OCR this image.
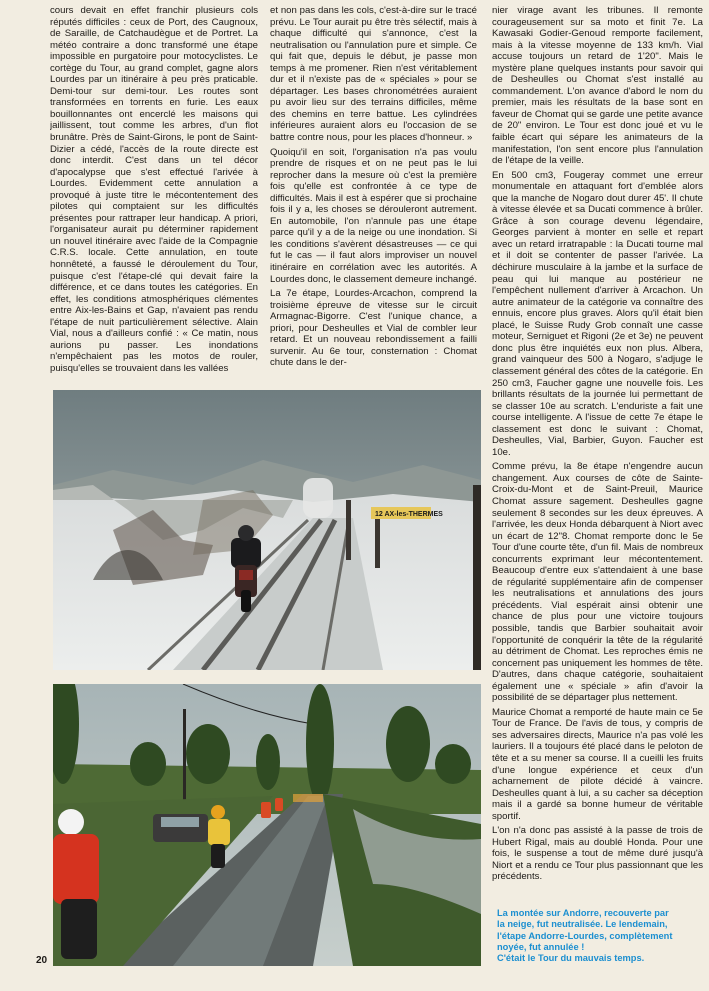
cours devait en effet franchir plusieurs cols réputés difficiles : ceux de Port, des Caugnoux, de Saraille, de Catchaudègue et de Portret. La météo contraire a donc transformé une étape impossible en purgatoire pour motocyclistes. Le cortège du Tour, au grand complet, gagne alors Lourdes par un itinéraire à peu près praticable. Demi-tour sur demi-tour. Les routes sont transformées en torrents en furie. Les eaux bouillonnantes ont encerclé les maisons qui jaillissent, tout comme les arbres, d'un flot brunâtre. Près de Saint-Girons, le pont de Saint-Dizier a cédé, l'accès de la route directe est donc interdit. C'est dans un tel décor d'apocalypse que s'est effectué l'arivée à Lourdes. Evidemment cette annulation a provoqué à juste titre le mécontentement des pilotes qui comptaient sur les difficultés présentes pour rattraper leur handicap. A priori, l'organisateur aurait pu déterminer rapidement un nouvel itinéraire avec l'aide de la Compagnie C.R.S. locale. Cette annulation, en toute honnêteté, a faussé le déroulement du Tour, puisque c'est l'étape-clé qui devait faire la différence, et ce dans toutes les catégories. En effet, les conditions atmosphériques clémentes entre Aix-les-Bains et Gap, n'avaient pas rendu l'étape de nuit particulièrement sélective. Alain Vial, nous a d'ailleurs confié : « Ce matin, nous aurions pu passer. Les inondations n'empêchaient pas les motos de rouler, puisqu'elles se trouvaient dans les vallées

et non pas dans les cols, c'est-à-dire sur le tracé prévu. Le Tour aurait pu être très sélectif, mais à chaque difficulté qui s'annonce, c'est la neutralisation ou l'annulation pure et simple. Ce qui fait que, depuis le début, je passe mon temps à me promener. Rien n'est véritablement dur et il n'existe pas de « spéciales » pour se départager. Les bases chronométrées auraient pu avoir lieu sur des terrains difficiles, même des chemins en terre battue. Les cylindrées inférieures auraient alors eu l'occasion de se battre contre nous, pour les places d'honneur. »

Quoiqu'il en soit, l'organisation n'a pas voulu prendre de risques et on ne peut pas le lui reprocher dans la mesure où c'est la première fois qu'elle est confrontée à ce type de difficultés. Mais il est à espérer que si prochaine fois il y a, les choses se dérouleront autrement. En automobile, l'on n'annule pas une étape parce qu'il y a de la neige ou une inondation. Si les conditions s'avèrent désastreuses — ce qui fut le cas — il faut alors improviser un nouvel itinéraire en corrélation avec les autorités. A Lourdes donc, le classement demeure inchangé.

La 7e étape, Lourdes-Arcachon, comprend la troisième épreuve de vitesse sur le circuit Armagnac-Bigorre. C'est l'unique chance, a priori, pour Desheulles et Vial de combler leur retard. Et un nouveau rebondissement a failli survenir. Au 6e tour, consternation : Chomat chute dans le der-

nier virage avant les tribunes. Il remonte courageusement sur sa moto et finit 7e. La Kawasaki Godier-Genoud remporte facilement, mais à la vitesse moyenne de 133 km/h. Vial accuse toujours un retard de 1'20". Mais le mystère plane quelques instants pour savoir qui de Desheulles ou Chomat s'est installé au commandement. L'on avance d'abord le nom du premier, mais les résultats de la base sont en faveur de Chomat qui se garde une petite avance de 20" environ. Le Tour est donc joué et vu le faible écart qui sépare les animateurs de la manifestation, l'on sent encore plus l'annulation de l'étape de la veille.

En 500 cm3, Fougeray commet une erreur monumentale en attaquant fort d'emblée alors que la manche de Nogaro dout durer 45'. Il chute à vitesse élevée et sa Ducati commence à brûler. Grâce à son courage devenu légendaire, Georges parvient à monter en selle et repart avec un retard irratrapable : la Ducati tourne mal et il doit se contenter de passer l'arivée. La déchirure musculaire à la jambe et la surface de peau qui lui manque au postérieur ne l'empêchent nullement d'arriver à Arcachon. Un autre animateur de la catégorie va connaître des ennuis, encore plus graves. Alors qu'il était bien placé, le Suisse Rudy Grob connaît une casse moteur, Serniguet et Rigoni (2e et 3e) ne peuvent donc plus être inquiétés eux non plus. Albera, grand vainqueur des 500 à Nogaro, s'adjuge le classement général des côtes de la catégorie. En 250 cm3, Faucher gagne une nouvelle fois. Les brillants résultats de la journée lui permettant de se classer 10e au scratch. L'enduriste a fait une course intelligente. A l'issue de cette 7e étape le classement est donc le suivant : Chomat, Desheulles, Vial, Barbier, Guyon. Faucher est 10e.

Comme prévu, la 8e étape n'engendre aucun changement. Aux courses de côte de Sainte-Croix-du-Mont et de Saint-Preuil, Maurice Chomat assure sagement. Desheulles gagne seulement 8 secondes sur les deux épreuves. A l'arrivée, les deux Honda débarquent à Niort avec un écart de 12"8. Chomat remporte donc le 5e Tour d'une courte tête, d'un fil. Mais de nombreux concurrents exprimant leur mécontentement. Beaucoup d'entre eux s'attendaient à une base de régularité supplémentaire afin de compenser les neutralisations et annulations des jours précédents. Vial espérait ainsi obtenir une chance de plus pour une victoire toujours possible, tandis que Barbier souhaitait avoir l'opportunité de conquérir la tête de la régularité au détriment de Chomat. Les reproches émis ne concernent pas uniquement les hommes de tête. D'autres, dans chaque catégorie, souhaitaient également une « spéciale » afin d'avoir la possibilité de se départager plus nettement.

Maurice Chomat a remporté de haute main ce 5e Tour de France. De l'avis de tous, y compris de ses adversaires directs, Maurice n'a pas volé les lauriers. Il a toujours été placé dans le peloton de tête et a su mener sa course. Il a cueilli les fruits d'une longue expérience et ceux d'un acharnement de pilote décidé à vaincre. Desheulles quant à lui, a su cacher sa déception mais il a gardé sa bonne humeur de véritable sportif.

L'on n'a donc pas assisté à la passe de trois de Hubert Rigal, mais au doublé Honda. Pour une fois, le suspense a tout de même duré jusqu'à Niort et a rendu ce Tour plus passionnant que les précédents.

12 AX-les-THERMES
La montée sur Andorre, recouverte par
la neige, fut neutralisée. Le lendemain,
l'étape Andorre-Lourdes, complètement
noyée, fut annulée !
C'était le Tour du mauvais temps.
20
